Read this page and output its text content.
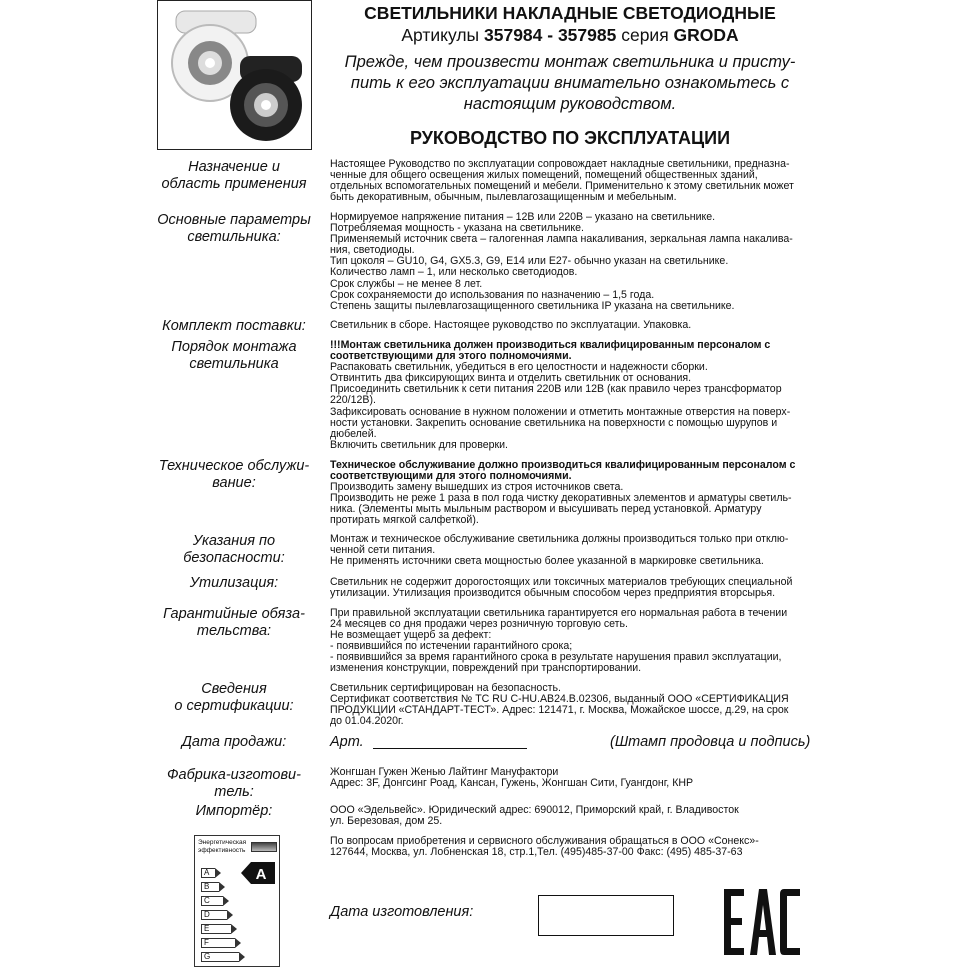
СВЕТИЛЬНИКИ НАКЛАДНЫЕ СВЕТОДИОДНЫЕ
Артикулы 357984 - 357985 серия GRODA
Прежде, чем произвести монтаж светильника и присту-
пить к его эксплуатации внимательно ознакомьтесь с
настоящим руководством.
РУКОВОДСТВО ПО ЭКСПЛУАТАЦИИ
Назначение и
область применения
Настоящее Руководство по эксплуатации сопровождает накладные светильники, предназна-
ченные для общего освещения жилых помещений, помещений общественных зданий,
отдельных вспомогательных помещений и мебели. Применительно к этому светильник может
быть декоративным, обычным, пылевлагозащищенным и мебельным.
Основные параметры
светильника:
Нормируемое напряжение питания – 12В или 220В – указано на светильнике.
Потребляемая мощность - указана на светильнике.
Применяемый источник света – галогенная лампа накаливания, зеркальная лампа накалива-
ния, светодиоды.
Тип цоколя – GU10, G4, GX5.3, G9, E14 или E27- обычно указан на светильнике.
Количество ламп – 1, или несколько светодиодов.
Срок службы – не менее 8 лет.
Срок сохраняемости до использования по назначению – 1,5 года.
Степень защиты пылевлагозащищенного светильника IP указана на светильнике.
Комплект поставки:	Светильник в сборе. Настоящее руководство по эксплуатации. Упаковка.
Порядок монтажа
светильника
!!!Монтаж светильника должен производиться квалифицированным персоналом с
соответствующими для этого полномочиями.
Распаковать светильник, убедиться в его целостности и надежности сборки.
Отвинтить два фиксирующих винта и отделить светильник от основания.
Присоединить светильник к сети питания 220В или 12В (как правило через трансформатор
220/12В).
Зафиксировать основание в нужном положении и отметить монтажные отверстия на поверх-
ности установки. Закрепить основание светильника на поверхности с помощью шурупов и
дюбелей.
Включить светильник для проверки.
Техническое обслужи-
вание:
Техническое обслуживание должно производиться квалифицированным персоналом с
соответствующими для этого полномочиями.
Производить замену вышедших из строя источников света.
Производить не реже 1 раза в пол года чистку декоративных элементов и арматуры светиль-
ника. (Элементы мыть мыльным раствором и высушивать перед установкой. Арматуру
протирать мягкой салфеткой).
Указания по
безопасности:
Монтаж и техническое обслуживание светильника должны производиться только при отклю-
ченной сети питания.
Не применять источники света мощностью более указанной в маркировке светильника.
Утилизация:	Светильник не содержит дорогостоящих или токсичных материалов требующих специальной
утилизации. Утилизация производится обычным способом через предприятия вторсырья.
Гарантийные обяза-
тельства:
При правильной эксплуатации светильника гарантируется его нормальная работа в течении
24 месяцев со дня продажи через розничную торговую сеть.
Не возмещает ущерб за дефект:
- появившийся по истечении гарантийного срока;
- появившийся за время гарантийного срока в результате нарушения правил эксплуатации,
изменения конструкции, повреждений при транспортировании.
Сведения
о сертификации:
Светильник сертифицирован на безопасность.
Сертификат соответствия № ТС RU C-HU.АВ24.В.02306, выданный ООО «СЕРТИФИКАЦИЯ
ПРОДУКЦИИ «СТАНДАРТ-ТЕСТ». Адрес: 121471, г. Москва, Можайское шоссе, д.29, на срок
до 01.04.2020г.
Дата продажи:	Арт.	(Штамп продовца и подпись)
Фабрика-изготови-
тель:
Жонгшан Гужен Женью Лайтинг Мануфактори
Адрес: 3F, Донгсинг Роад, Кансан, Гужень, Жонгшан Сити, Гуангдонг, КНР
Импортёр:	ООО «Эдельвейс». Юридический адрес: 690012, Приморский край, г. Владивосток
ул. Березовая, дом 25.
По вопросам приобретения и сервисного обслуживания обращаться в ООО «Сонекс»-
127644, Москва, ул. Лобненская 18, стр.1,Тел. (495)485-37-00 Факс: (495) 485-37-63
Энергетическая
эффективность
A
A
B
C
D
E
F
G
Дата изготовления:
